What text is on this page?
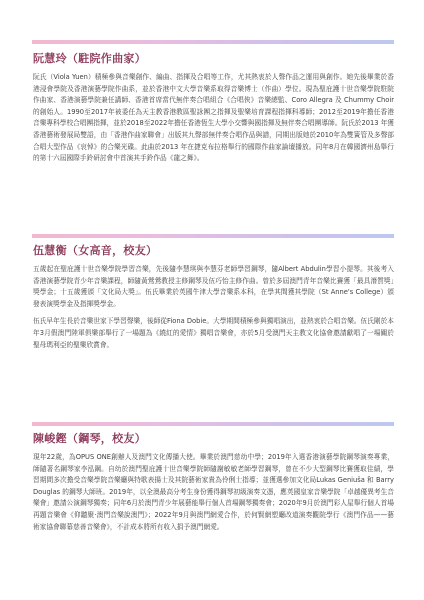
阮慧玲（駐院作曲家）

阮氏（Viola Yuen）積極參與音樂創作、編曲、指揮及合唱等工作，尤其熱衷於人聲作品之運用與創作。她先後畢業於香港浸會學院及香港演藝學院作曲系，並於香港中文大學音樂系取得音樂博士（作曲）學位。現為聖庇護十世音樂學院駐院作曲家、香港演藝學院兼任講師、香港首席當代無伴奏合唱組合《合唱俠》音樂總監、Coro Allegra 及 Chummy Choir 的創始人。1990至2017年被委任為天主教香港教區聖詠團之指揮及聖樂培育課程指揮科導師；2012至2019年擔任香港音樂專科學校合唱團指揮，並於2018至2022年擔任香港恆生大學小交響與國指揮及無伴奏合唱團導師。阮氏於2013 年獲香港藝術發展局雙語，由「香港作曲家聯會」出版其九聲部無伴奏合唱作品與譜，同期出版她於2010年為雙簧管及多聲部合唱大型作品《哀悼》的合樂光碟。此曲於2013 年在捷克布拉格舉行的國際作曲家論壇播放。同年8月在韓國濟州島舉行的第十六屆國際手鈴研討會中首演其手鈴作品《龍之舞》。

伍慧衡（女高音，校友）

五歲起在聖庇護十世音樂學院學習音樂，先後隨李慧琪與李慧芬老師學習鋼琴，隨Albert Abdulin學習小提琴。其後考入香港演藝學院青少年音樂課程，師隨黃鶯鶯教授主修鋼琴及伍巧怡主修作曲。曾於多屆澳門青年音樂比賽獲「最具潛質獎」獎學金；十五歲獲頒「文化局大獎」。伍氏畢業於英國牛津大學音樂系本科，在學其間獲其學院（St Anne's College）頒發表演獎學金及指揮獎學金。

伍氏早年生長於音樂世家下學習聲樂，後師從Fiona Dobie。大學期間積極參與獨唱演出，並熱衷於合唱音樂。伍氏剛於本年3月假澳門陸軍俱樂部舉行了一場題為《繞紅的愛情》獨唱音樂會，亦於5月受澳門天主教文化協會邀請獻唱了一場關於聖母瑪利亞的聖樂欣賞會。

陳峻鏗（鋼琴，校友）

現年22歲，為OPUS ONE創辦人及澳門文化傳播大使。畢業於澳門慈幼中學；2019年入選香港演藝學院鋼琴演奏專業，師隨著名鋼琴家李泓鋼。自幼於澳門聖庇護十世音樂學院師隨謝敏敏老師學習鋼琴，曾在不少大型鋼琴比賽獲取佳績，學習期間多次擔受音樂學院音樂廳與特歌表揚士及其院藝術家貴為伶俐士指導；並獲選參加文化局Lukas Geniuša 和 Barry Douglas 的鋼琴大師班。2019年，以全澳最高分考生身份獲得鋼琴初級演奏文憑，應英國皇家音樂學院「卓越優異考生音樂會」邀請公演鋼琴獨奏；同年6月於澳門青少年展藝能舉行個人首場鋼琴獨奏會；2020年9月於澳門彩人屋舉行個人首場再題音樂會《仰聽聚‧澳門音樂說澳門》；2022年9月與澳門網愛合作，於何賢網塑廳改道演奏觀院學行《澳門作品——藝術家協會聯幕慈善音樂會》，不計成本將所有收入捐予澳門網愛。
